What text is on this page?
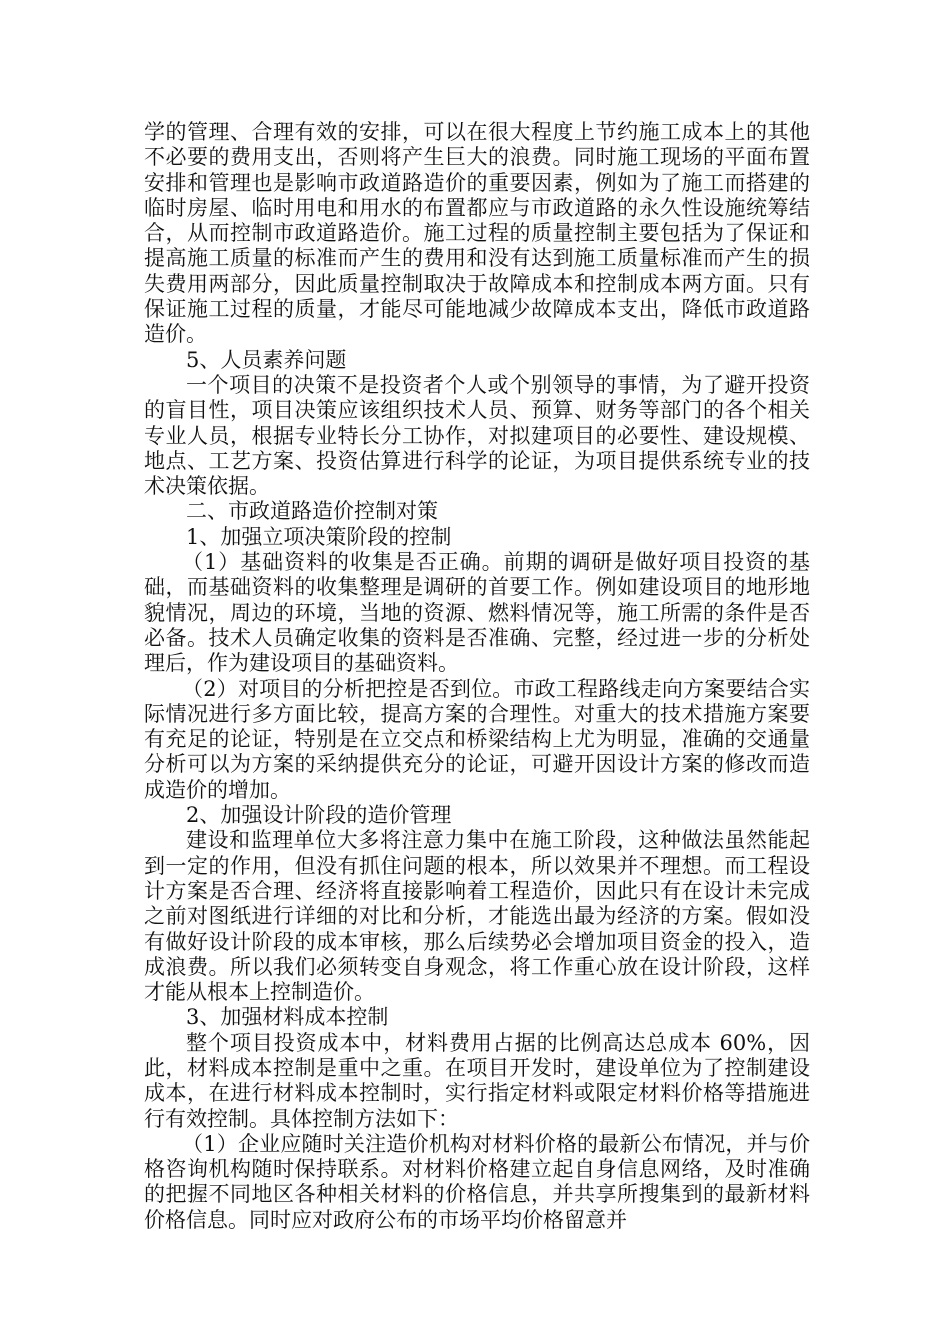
学的管理、合理有效的安排，可以在很大程度上节约施工成本上的其他不必要的费用支出，否则将产生巨大的浪费。同时施工现场的平面布置安排和管理也是影响市政道路造价的重要因素，例如为了施工而搭建的临时房屋、临时用电和用水的布置都应与市政道路的永久性设施统筹结合，从而控制市政道路造价。施工过程的质量控制主要包括为了保证和提高施工质量的标准而产生的费用和没有达到施工质量标准而产生的损失费用两部分，因此质量控制取决于故障成本和控制成本两方面。只有保证施工过程的质量，才能尽可能地减少故障成本支出，降低市政道路造价。

5、人员素养问题

一个项目的决策不是投资者个人或个别领导的事情，为了避开投资的盲目性，项目决策应该组织技术人员、预算、财务等部门的各个相关专业人员，根据专业特长分工协作，对拟建项目的必要性、建设规模、地点、工艺方案、投资估算进行科学的论证，为项目提供系统专业的技术决策依据。

二、市政道路造价控制对策

1、加强立项决策阶段的控制

（1）基础资料的收集是否正确。前期的调研是做好项目投资的基础，而基础资料的收集整理是调研的首要工作。例如建设项目的地形地貌情况，周边的环境，当地的资源、燃料情况等，施工所需的条件是否必备。技术人员确定收集的资料是否准确、完整，经过进一步的分析处理后，作为建设项目的基础资料。

（2）对项目的分析把控是否到位。市政工程路线走向方案要结合实际情况进行多方面比较，提高方案的合理性。对重大的技术措施方案要有充足的论证，特别是在立交点和桥梁结构上尤为明显，准确的交通量分析可以为方案的采纳提供充分的论证，可避开因设计方案的修改而造成造价的增加。

2、加强设计阶段的造价管理

建设和监理单位大多将注意力集中在施工阶段，这种做法虽然能起到一定的作用，但没有抓住问题的根本，所以效果并不理想。而工程设计方案是否合理、经济将直接影响着工程造价，因此只有在设计未完成之前对图纸进行详细的对比和分析，才能选出最为经济的方案。假如没有做好设计阶段的成本审核，那么后续势必会增加项目资金的投入，造成浪费。所以我们必须转变自身观念，将工作重心放在设计阶段，这样才能从根本上控制造价。

3、加强材料成本控制

整个项目投资成本中，材料费用占据的比例高达总成本 60%，因此，材料成本控制是重中之重。在项目开发时，建设单位为了控制建设成本，在进行材料成本控制时，实行指定材料或限定材料价格等措施进行有效控制。具体控制方法如下：

（1）企业应随时关注造价机构对材料价格的最新公布情况，并与价格咨询机构随时保持联系。对材料价格建立起自身信息网络，及时准确的把握不同地区各种相关材料的价格信息，并共享所搜集到的最新材料价格信息。同时应对政府公布的市场平均价格留意并
